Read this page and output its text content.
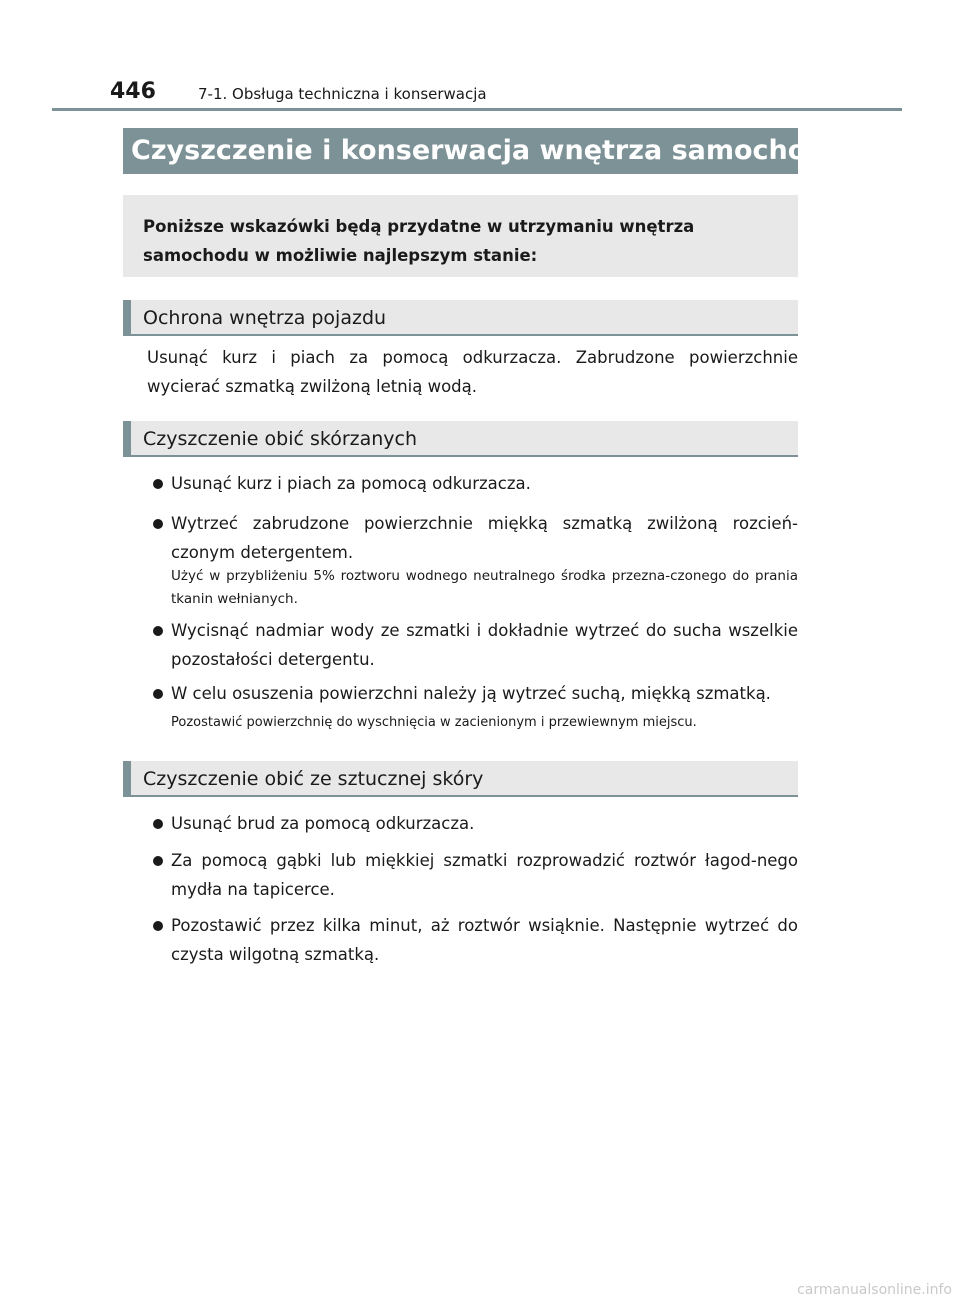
446	7-1. Obsługa techniczna i konserwacja
Czyszczenie i konserwacja wnętrza samochodu

Poniższe wskazówki będą przydatne w utrzymaniu wnętrza samochodu w możliwie najlepszym stanie:

Ochrona wnętrza pojazdu

Usunąć kurz i piach za pomocą odkurzacza. Zabrudzone powierzchnie wycierać szmatką zwilżoną letnią wodą.

Czyszczenie obić skórzanych
Usunąć kurz i piach za pomocą odkurzacza.
Wytrzeć zabrudzone powierzchnie miękką szmatką zwilżoną rozcień-czonym detergentem.
Użyć w przybliżeniu 5% roztworu wodnego neutralnego środka przezna-czonego do prania tkanin wełnianych.
Wycisnąć nadmiar wody ze szmatki i dokładnie wytrzeć do sucha wszelkie pozostałości detergentu.
W celu osuszenia powierzchni należy ją wytrzeć suchą, miękką szmatką.
Pozostawić powierzchnię do wyschnięcia w zacienionym i przewiewnym miejscu.
Czyszczenie obić ze sztucznej skóry
Usunąć brud za pomocą odkurzacza.
Za pomocą gąbki lub miękkiej szmatki rozprowadzić roztwór łagod-nego mydła na tapicerce.
Pozostawić przez kilka minut, aż roztwór wsiąknie. Następnie wytrzeć do czysta wilgotną szmatką.
carmanualsonline.info
